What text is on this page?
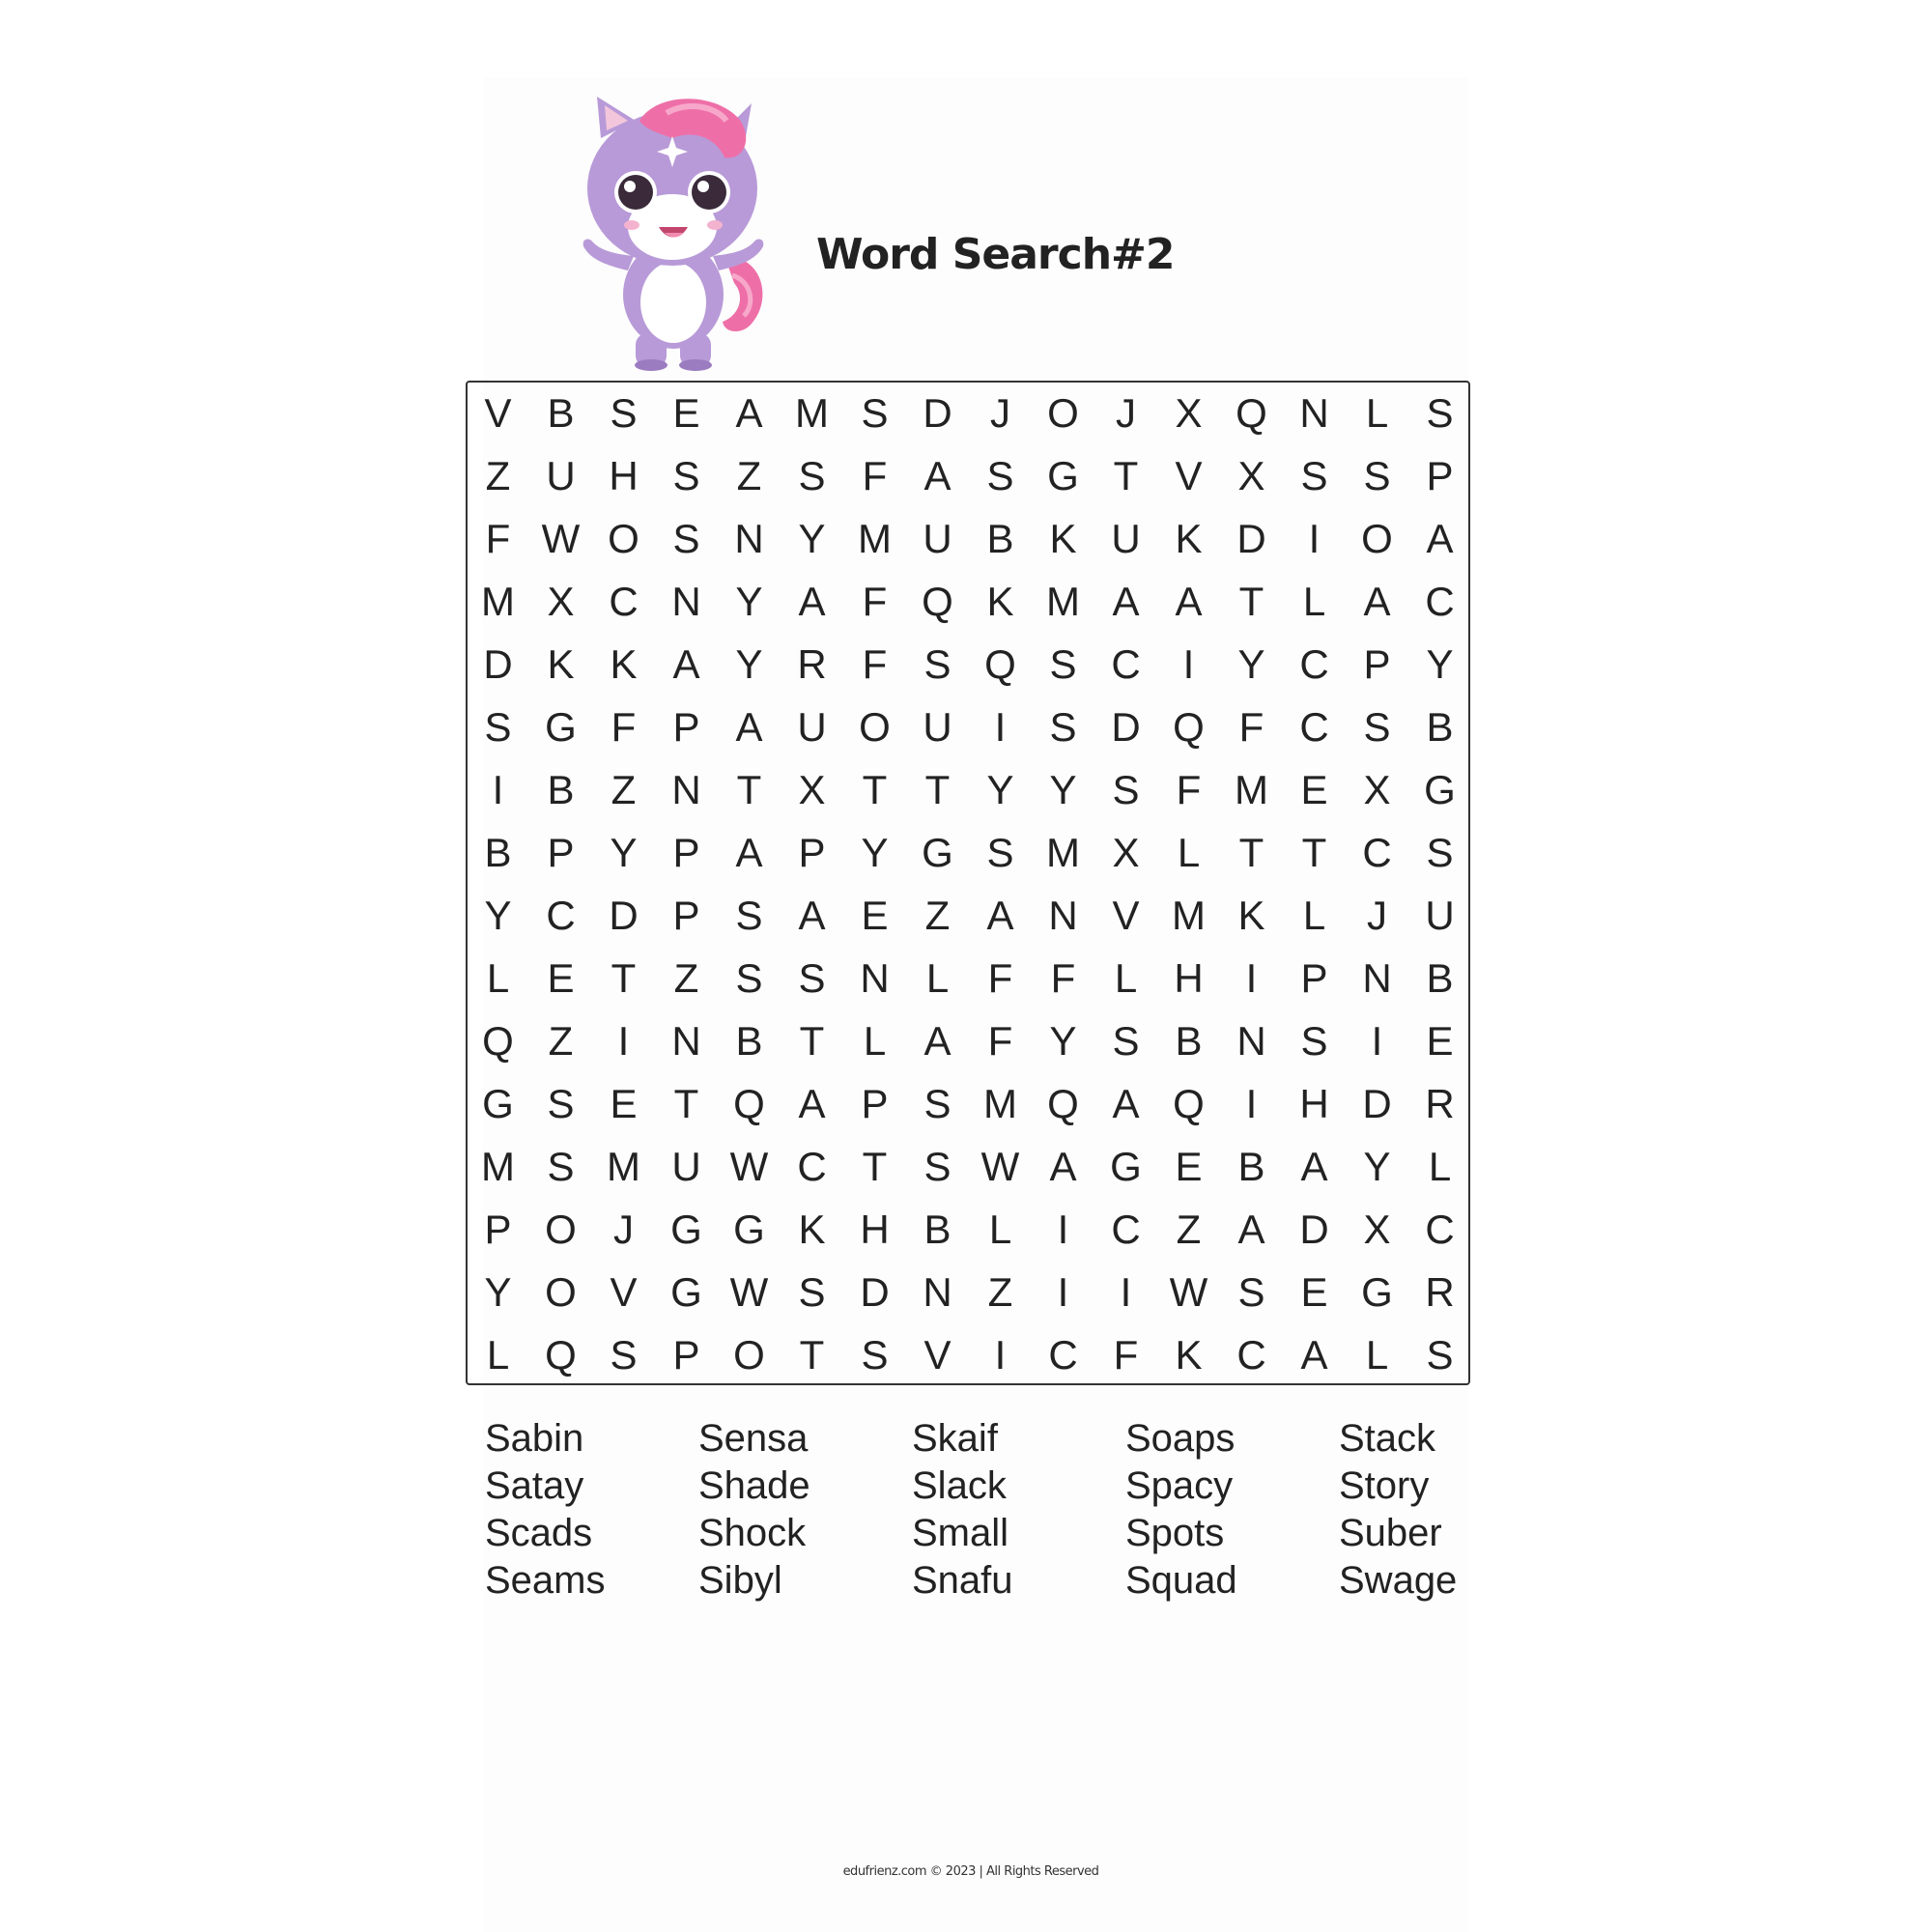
Word Search#2
V B S E A M S D J O J X Q N L S
Z U H S Z S F A S G T V X S S P
F W O S N Y M U B K U K D	I	O A
M X C N Y A F Q K M A A T L A C
D K K A Y R F S Q S C	I	Y C P Y
S G F P A U O U	I	S D Q F C S B
I	B Z N T X T T Y Y S F M E X G
B P Y P A P Y G S M X L T T C S
Y C D P S A E Z A N V M K L	J U
L E T Z S S N L F F L H	I	P N B
Q Z	I	N B T L A F Y S B N S	I	E
G S E T Q A P S M Q A Q	I	H D R
M S M U W C T S W A G E B A Y L
P O J G G K H B L	I	C Z A D X C
Y O V G W S D N Z	I	I W S E G R
L Q S P O T S V	I	C F K C A L S
Sabin
Satay
Scads
Seams
Sensa
Shade
Shock
Sibyl
Skaif
Slack
Small
Snafu
Soaps
Spacy
Spots
Squad
Stack
Story
Suber
Swage
edufrienz.com © 2023 | All Rights Reserved
